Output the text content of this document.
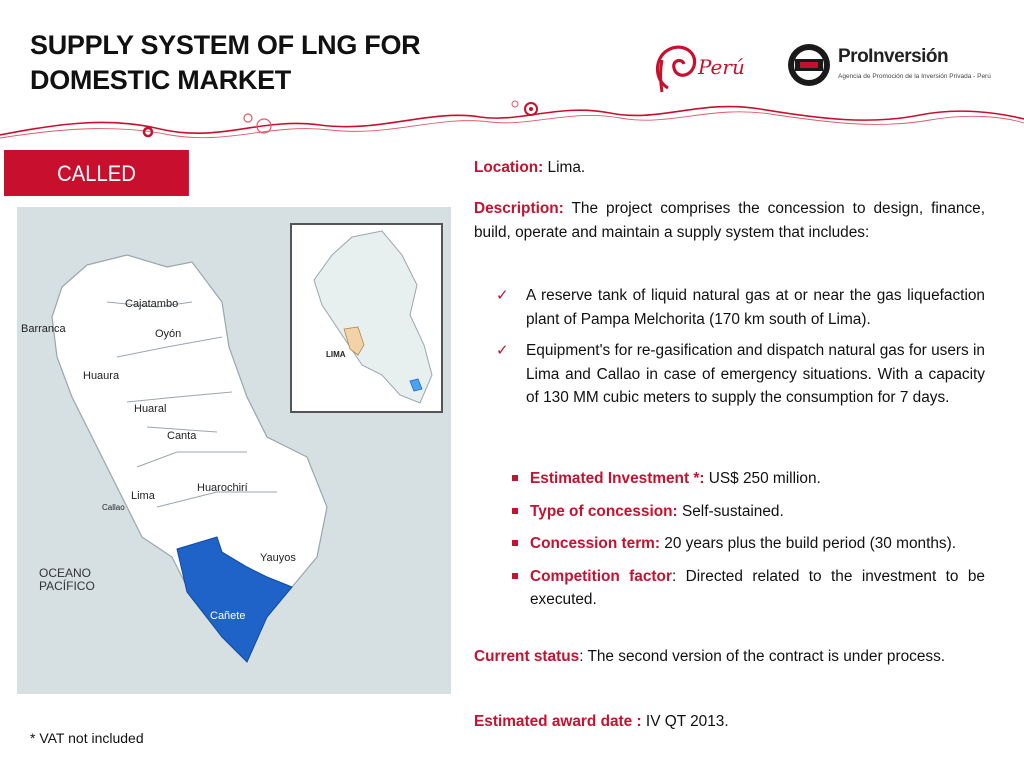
SUPPLY SYSTEM OF LNG FOR
DOMESTIC MARKET	Perú	ProInversión
Agencia de Promoción de la Inversión Privada - Perú
CALLED
Cajatambo
Barranca	Oyón
Huaura
Huaral
Canta
Huarochirí
Lima
Callao
Yauyos
Cañete
OCEANO
PACÍFICO
LIMA

Location: Lima.

Description: The project comprises the concession to design, finance, build, operate and maintain a supply system that includes:

✓ A reserve tank of liquid natural gas at or near the gas liquefaction plant of Pampa Melchorita (170 km south of Lima).
✓ Equipment's for re-gasification and dispatch natural gas for users in Lima and Callao in case of emergency situations. With a capacity of 130 MM cubic meters to supply the consumption for 7 days.
Estimated Investment *: US$ 250 million.
Type of concession: Self-sustained.
Concession term: 20 years plus the build period (30 months).
Competition factor: Directed related to the investment to be executed.

Current status: The second version of the contract is under process.

Estimated award date : IV QT 2013.

* VAT not included
